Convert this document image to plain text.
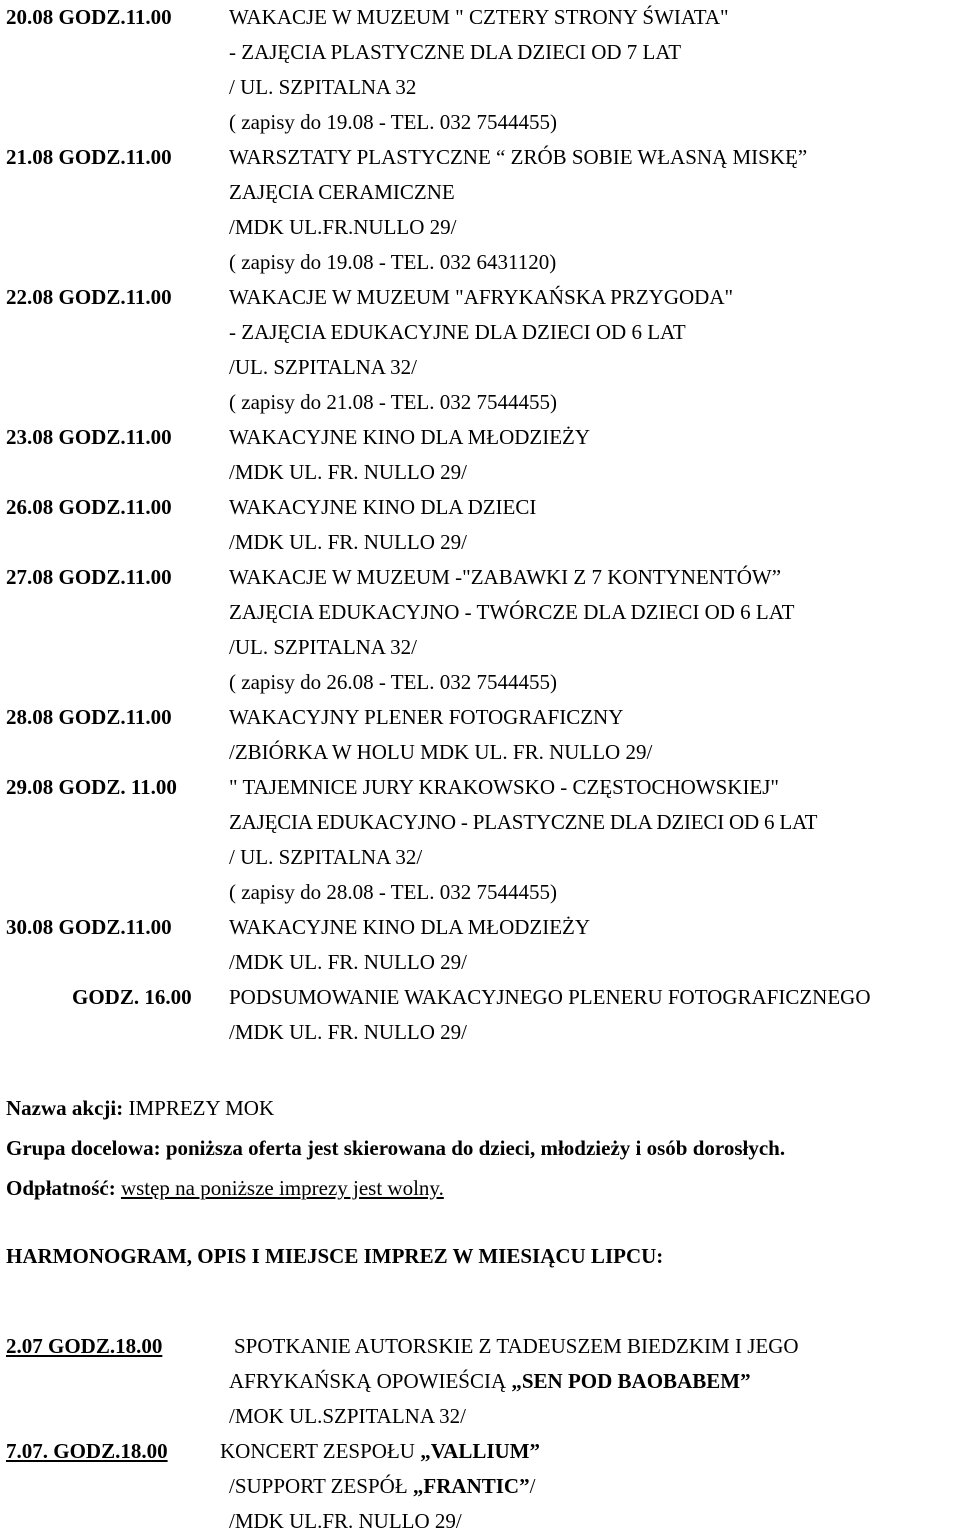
20.08 GODZ.11.00	WAKACJE W MUZEUM " CZTERY STRONY ŚWIATA"
- ZAJĘCIA PLASTYCZNE DLA DZIECI OD 7 LAT
/ UL. SZPITALNA 32
( zapisy do 19.08 - TEL. 032 7544455)
21.08 GODZ.11.00	WARSZTATY PLASTYCZNE “ ZRÓB SOBIE WŁASNĄ MISKĘ”
ZAJĘCIA CERAMICZNE
/MDK UL.FR.NULLO 29/
( zapisy do 19.08 - TEL. 032 6431120)
22.08 GODZ.11.00	WAKACJE W MUZEUM "AFRYKAŃSKA PRZYGODA"
- ZAJĘCIA EDUKACYJNE DLA DZIECI OD 6 LAT
/UL. SZPITALNA 32/
( zapisy do 21.08 - TEL. 032 7544455)
23.08 GODZ.11.00	WAKACYJNE KINO DLA MŁODZIEŻY
/MDK UL. FR. NULLO 29/
26.08 GODZ.11.00	WAKACYJNE KINO DLA DZIECI
/MDK UL. FR. NULLO 29/
27.08 GODZ.11.00	WAKACJE W MUZEUM -"ZABAWKI Z 7 KONTYNENTÓW”
ZAJĘCIA EDUKACYJNO - TWÓRCZE DLA DZIECI OD 6 LAT
/UL. SZPITALNA 32/
( zapisy do 26.08 - TEL. 032 7544455)
28.08 GODZ.11.00	WAKACYJNY PLENER FOTOGRAFICZNY
/ZBIÓRKA W HOLU MDK UL. FR. NULLO 29/
29.08 GODZ. 11.00 " TAJEMNICE JURY KRAKOWSKO - CZĘSTOCHOWSKIEJ"
ZAJĘCIA EDUKACYJNO - PLASTYCZNE DLA DZIECI OD 6 LAT
/ UL. SZPITALNA 32/
( zapisy do 28.08 - TEL. 032 7544455)
30.08 GODZ.11.00	WAKACYJNE KINO DLA MŁODZIEŻY
/MDK UL. FR. NULLO 29/
GODZ. 16.00 PODSUMOWANIE WAKACYJNEGO PLENERU FOTOGRAFICZNEGO
/MDK UL. FR. NULLO 29/
Nazwa akcji: IMPREZY MOK
Grupa docelowa: poniższa oferta jest skierowana do dzieci, młodzieży i osób dorosłych.
Odpłatność: wstęp na poniższe imprezy jest wolny.
HARMONOGRAM, OPIS I MIEJSCE IMPREZ W MIESIĄCU LIPCU:
2.07 GODZ.18.00	SPOTKANIE AUTORSKIE Z TADEUSZEM BIEDZKIM I JEGO
AFRYKAŃSKĄ OPOWIEŚCIĄ „SEN POD BAOBABEM”
/MOK UL.SZPITALNA 32/
7.07. GODZ.18.00 KONCERT ZESPOŁU „VALLIUM”
/SUPPORT ZESPÓŁ „FRANTIC”/
/MDK UL.FR. NULLO 29/
